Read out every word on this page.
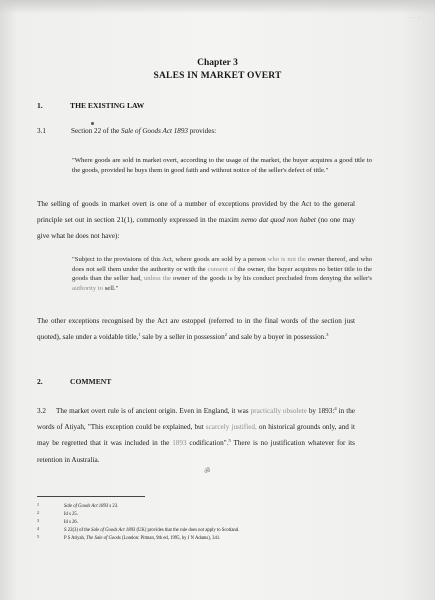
· · ·
Chapter 3
SALES IN MARKET OVERT
1.	THE EXISTING LAW
3.1	Section 22 of the Sale of Goods Act 1893 provides:
"Where goods are sold in market overt, according to the usage of the market, the buyer acquires a good title to the goods, provided he buys them in good faith and without notice of the seller's defect of title."
The selling of goods in market overt is one of a number of exceptions provided by the Act to the general principle set out in section 21(1), commonly expressed in the maxim nemo dat quod non habet (no one may give what he does not have):
"Subject to the provisions of this Act, where goods are sold by a person who is not the owner thereof, and who does not sell them under the authority or with the consent of the owner, the buyer acquires no better title to the goods than the seller had, unless the owner of the goods is by his conduct precluded from denying the seller's authority to sell."
The other exceptions recognised by the Act are estoppel (referred to in the final words of the section just quoted), sale under a voidable title,$^1$ sale by a seller in possession$^2$ and sale by a buyer in possession.$^3$
2.	COMMENT
3.2 The market overt rule is of ancient origin. Even in England, it was practically obsolete by 1893:$^4$ in the words of Atiyah, "This exception could be explained, but scarcely justified, on historical grounds only, and it may be regretted that it was included in the 1893 codification".$^5$ There is no justification whatever for its retention in Australia.
ॐ
1	Sale of Goods Act 1893 s 23.
2	Id s 25.
3	Id s 26.
4	S 22(3) of the Sale of Goods Act 1893 (UK) provides that the rule does not apply to Scotland.
5	P S Atiyah, The Sale of Goods (London: Pitman, 9th ed, 1995, by J N Adams), 341.
